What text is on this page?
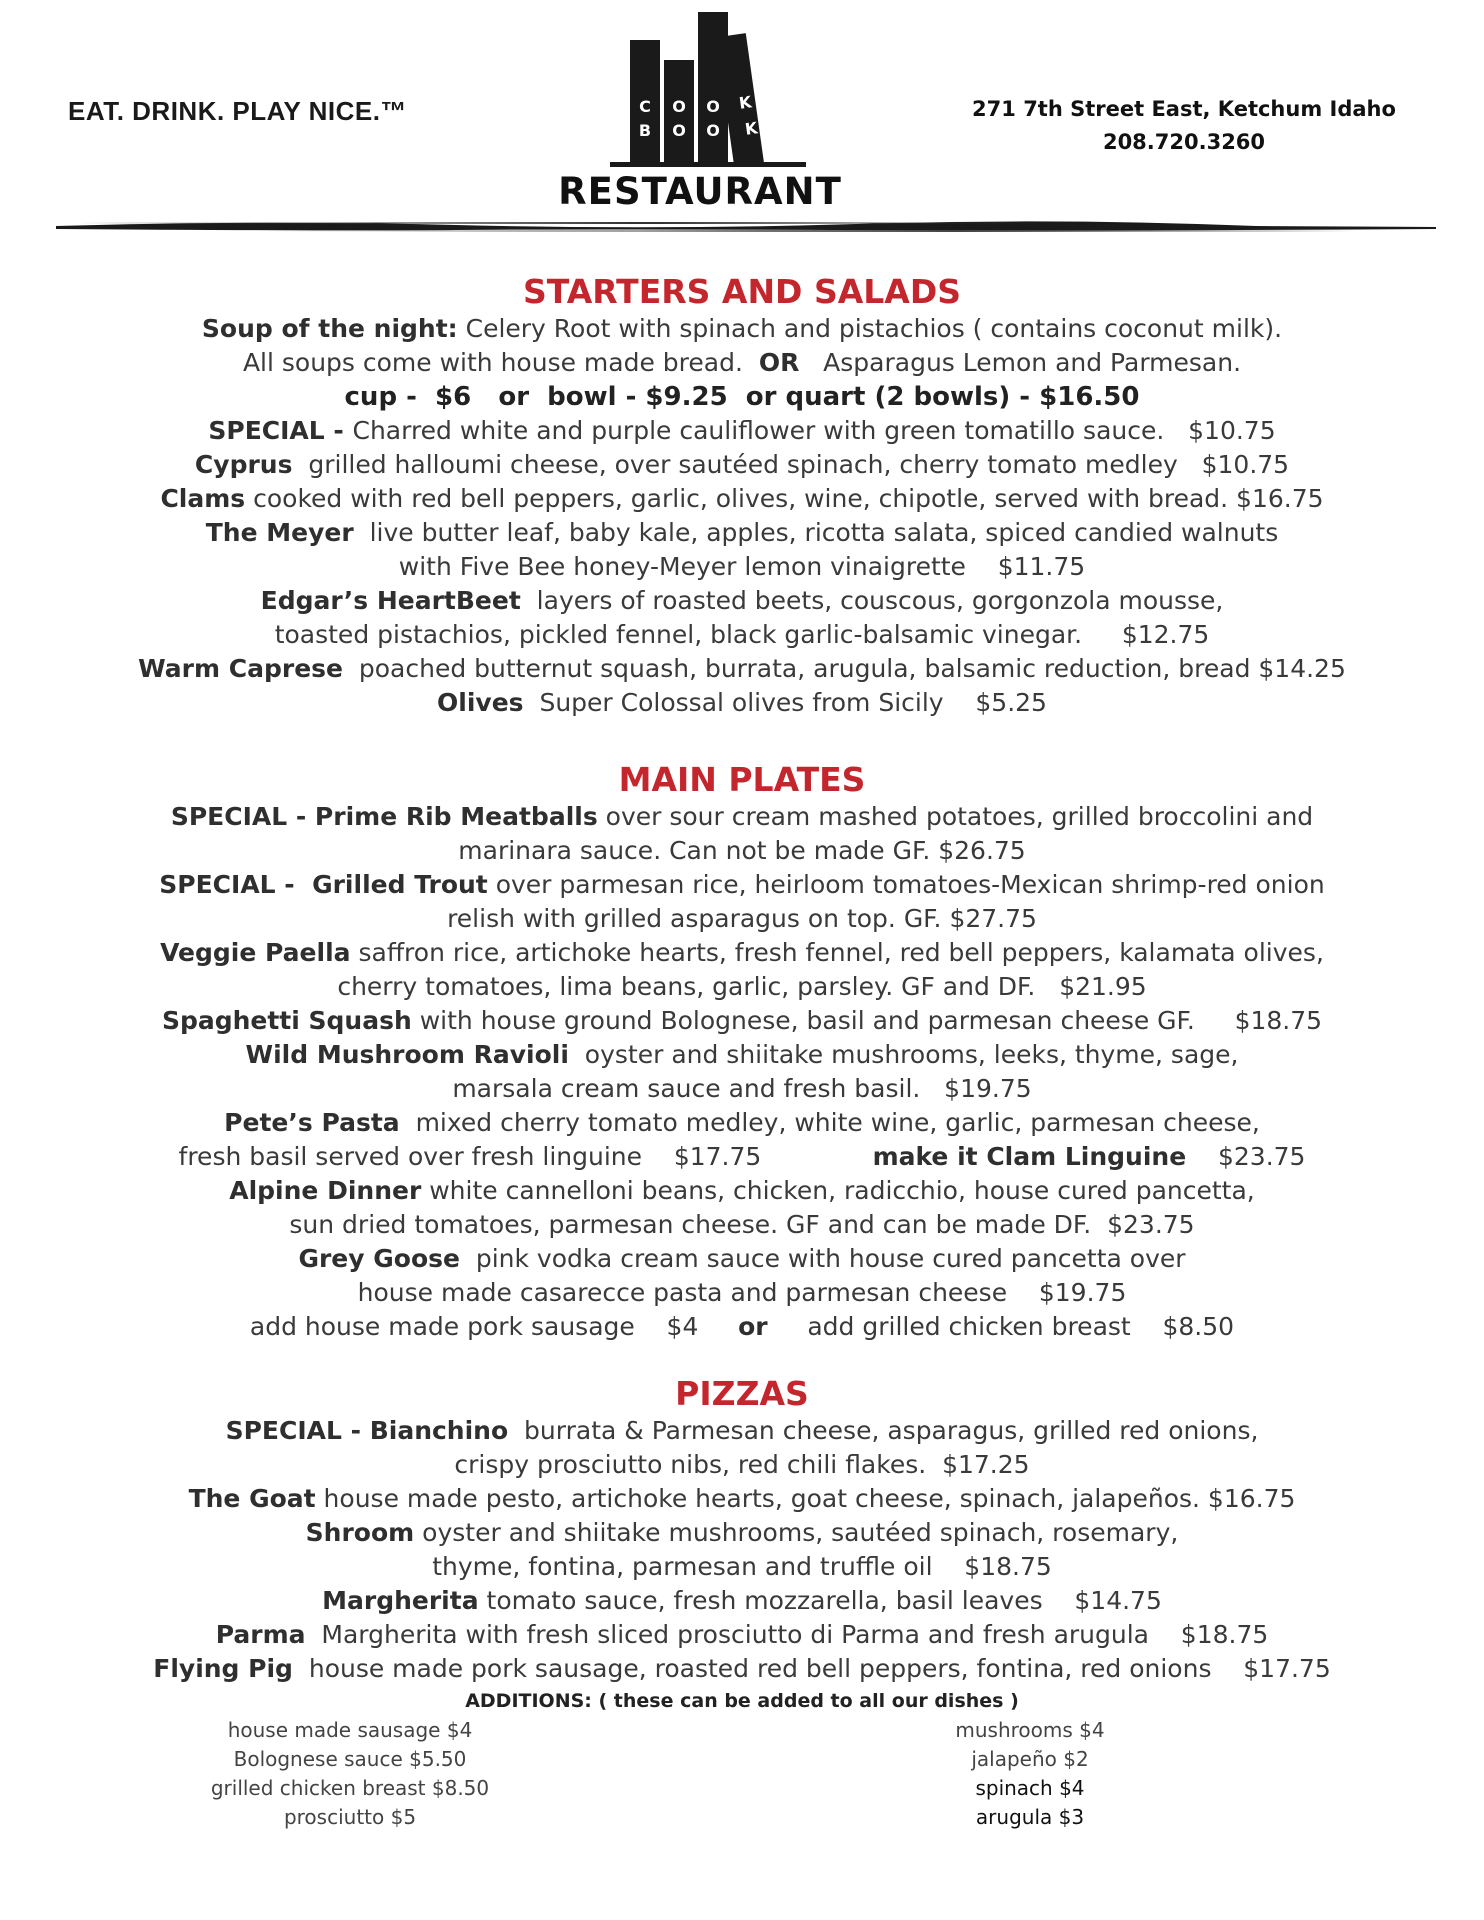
EAT. DRINK. PLAY NICE.™	C
B
O
O
O
O
K
K
271 7th Street East, Ketchum Idaho
208.720.3260
RESTAURANT
STARTERS AND SALADS

Soup of the night: Celery Root with spinach and pistachios ( contains coconut milk).

All soups come with house made bread.  OR   Asparagus Lemon and Parmesan.

cup -  $6   or  bowl - $9.25  or quart (2 bowls) - $16.50

SPECIAL - Charred white and purple cauliflower with green tomatillo sauce.   $10.75

Cyprus  grilled halloumi cheese, over sautéed spinach, cherry tomato medley   $10.75

Clams cooked with red bell peppers, garlic, olives, wine, chipotle, served with bread. $16.75

The Meyer  live butter leaf, baby kale, apples, ricotta salata, spiced candied walnuts

with Five Bee honey-Meyer lemon vinaigrette    $11.75

Edgar’s HeartBeet  layers of roasted beets, couscous, gorgonzola mousse,

toasted pistachios, pickled fennel, black garlic-balsamic vinegar.     $12.75

Warm Caprese  poached butternut squash, burrata, arugula, balsamic reduction, bread $14.25

Olives  Super Colossal olives from Sicily    $5.25

MAIN PLATES

SPECIAL - Prime Rib Meatballs over sour cream mashed potatoes, grilled broccolini and

marinara sauce. Can not be made GF. $26.75

SPECIAL -  Grilled Trout over parmesan rice, heirloom tomatoes-Mexican shrimp-red onion

relish with grilled asparagus on top. GF. $27.75

Veggie Paella saffron rice, artichoke hearts, fresh fennel, red bell peppers, kalamata olives,

cherry tomatoes, lima beans, garlic, parsley. GF and DF.   $21.95

Spaghetti Squash with house ground Bolognese, basil and parmesan cheese GF.     $18.75

Wild Mushroom Ravioli  oyster and shiitake mushrooms, leeks, thyme, sage,

marsala cream sauce and fresh basil.   $19.75

Pete’s Pasta  mixed cherry tomato medley, white wine, garlic, parmesan cheese,

fresh basil served over fresh linguine    $17.75              make it Clam Linguine    $23.75

Alpine Dinner white cannelloni beans, chicken, radicchio, house cured pancetta,

sun dried tomatoes, parmesan cheese. GF and can be made DF.  $23.75

Grey Goose  pink vodka cream sauce with house cured pancetta over

house made casarecce pasta and parmesan cheese    $19.75

add house made pork sausage    $4     or     add grilled chicken breast    $8.50

PIZZAS

SPECIAL - Bianchino  burrata & Parmesan cheese, asparagus, grilled red onions,

crispy prosciutto nibs, red chili flakes.  $17.25

The Goat house made pesto, artichoke hearts, goat cheese, spinach, jalapeños. $16.75

Shroom oyster and shiitake mushrooms, sautéed spinach, rosemary,

thyme, fontina, parmesan and truffle oil    $18.75

Margherita tomato sauce, fresh mozzarella, basil leaves    $14.75

Parma  Margherita with fresh sliced prosciutto di Parma and fresh arugula    $18.75

Flying Pig  house made pork sausage, roasted red bell peppers, fontina, red onions    $17.75

ADDITIONS: ( these can be added to all our dishes )
house made sausage $4
Bolognese sauce $5.50
grilled chicken breast $8.50
prosciutto $5
mushrooms $4
jalapeño $2
spinach $4
arugula $3
